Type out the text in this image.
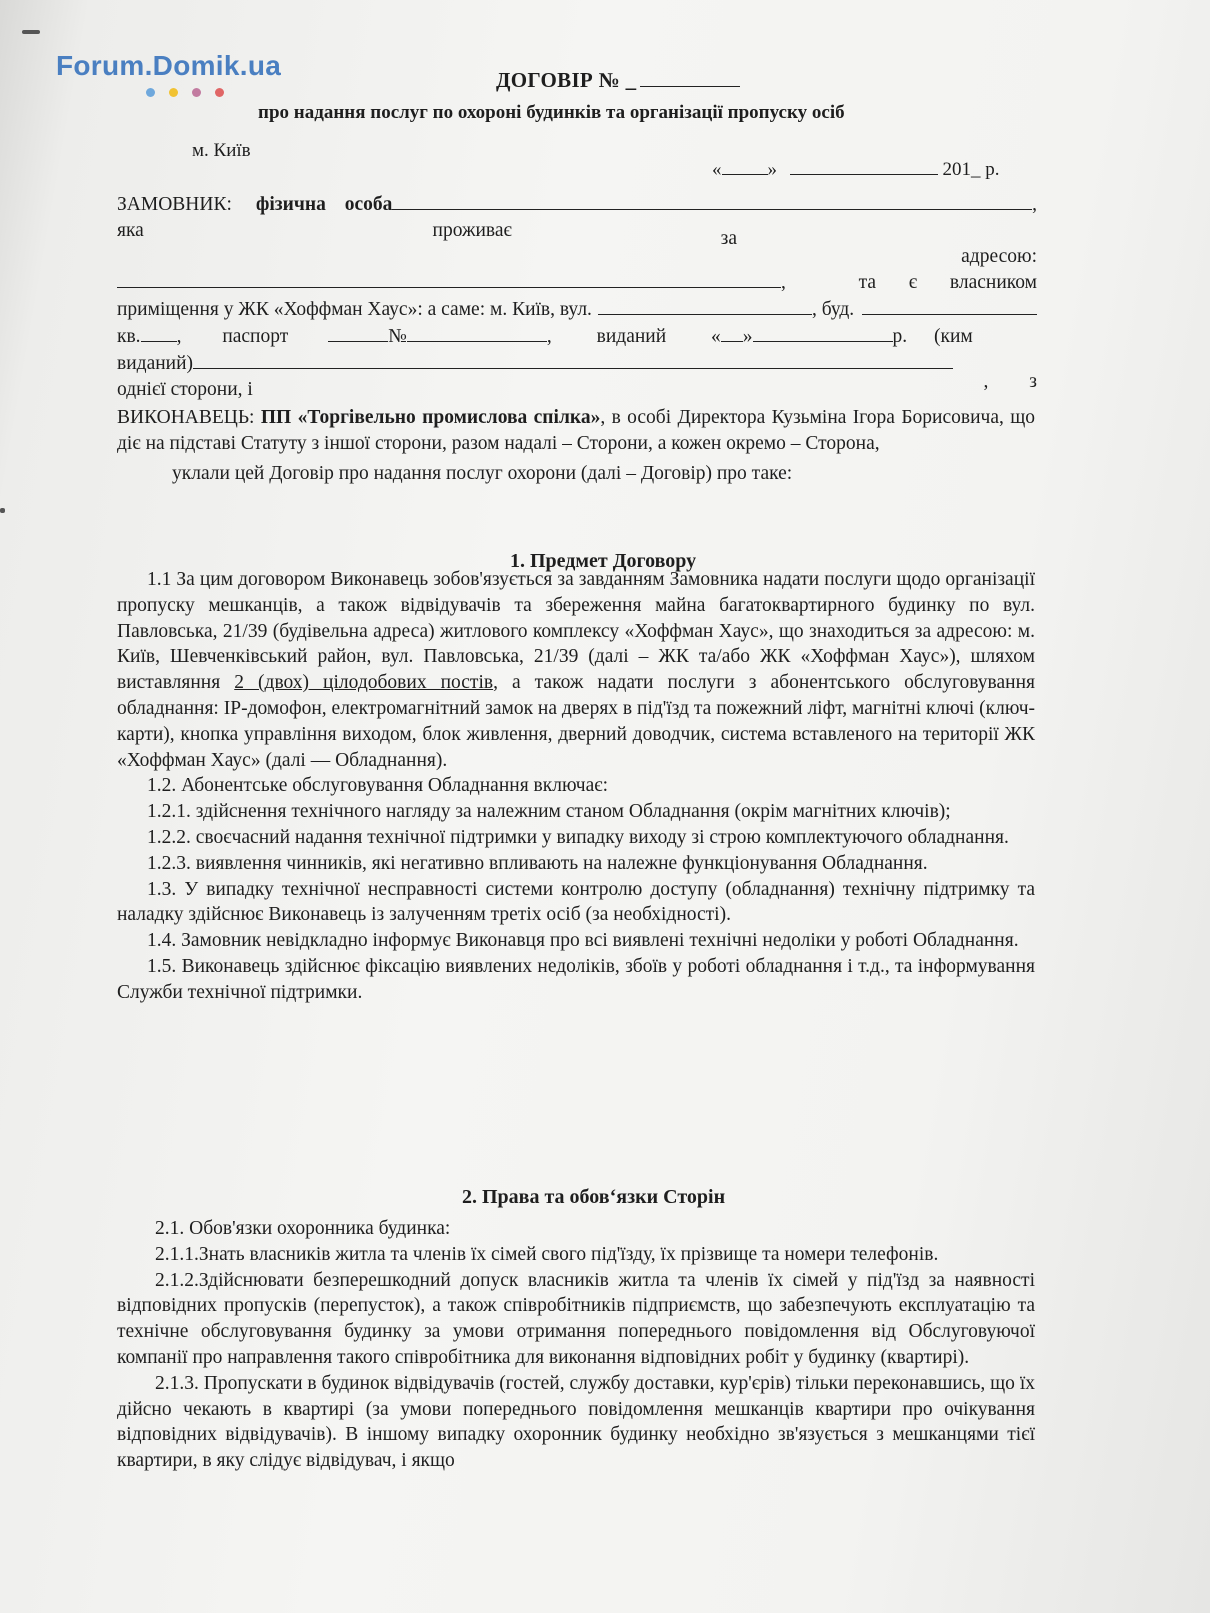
Forum.Domik.ua	ДОГОВІР № _
про надання послуг по охороні будинків та організації пропуску осіб
м. Київ
« »	201_ р.
ЗАМОВНИК: фізична особа	,
яка	проживає	за
адресою:
,	та є власником
приміщення у ЖК «Хоффман Хаус»: а саме: м. Київ, вул.	, буд.
кв. , паспорт	№	, виданий « »	р. (ким
виданий)
однієї сторони, і	, з

ВИКОНАВЕЦЬ: ПП «Торгівельно промислова спілка», в особі Директора Кузьміна Ігора Борисовича, що діє на підставі Статуту з іншої сторони, разом надалі – Сторони, а кожен окремо – Сторона,

уклали цей Договір про надання послуг охорони (далі – Договір) про таке:

1. Предмет Договору

1.1 За цим договором Виконавець зобов'язується за завданням Замовника надати послуги щодо організації пропуску мешканців, а також відвідувачів та збереження майна багатоквартирного будинку по вул. Павловська, 21/39 (будівельна адреса) житлового комплексу «Хоффман Хаус», що знаходиться за адресою: м. Київ, Шевченківський район, вул. Павловська, 21/39 (далі – ЖК та/або ЖК «Хоффман Хаус»), шляхом виставляння 2 (двох) цілодобових постів, а також надати послуги з абонентського обслуговування обладнання: IP-домофон, електромагнітний замок на дверях в під'їзд та пожежний ліфт, магнітні ключі (ключ-карти), кнопка управління виходом, блок живлення, дверний доводчик, система вставленого на території ЖК «Хоффман Хаус» (далі — Обладнання).

1.2. Абонентське обслуговування Обладнання включає:

1.2.1. здійснення технічного нагляду за належним станом Обладнання (окрім магнітних ключів);

1.2.2. своєчасний надання технічної підтримки у випадку виходу зі строю комплектуючого обладнання.

1.2.3. виявлення чинників, які негативно впливають на належне функціонування Обладнання.

1.3. У випадку технічної несправності системи контролю доступу (обладнання) технічну підтримку та наладку здійснює Виконавець із залученням третіх осіб (за необхідності).

1.4. Замовник невідкладно інформує Виконавця про всі виявлені технічні недоліки у роботі Обладнання.

1.5. Виконавець здійснює фіксацію виявлених недоліків, збоїв у роботі обладнання і т.д., та інформування Служби технічної підтримки.

2. Права та обов‘язки Сторін

2.1. Обов'язки охоронника будинка:

2.1.1.Знать власників житла та членів їх сімей свого під'їзду, їх прізвище та номери телефонів.

2.1.2.Здійснювати безперешкодний допуск власників житла та членів їх сімей у під'їзд за наявності відповідних пропусків (перепусток), а також співробітників підприємств, що забезпечують експлуатацію та технічне обслуговування будинку за умови отримання попереднього повідомлення від Обслуговуючої компанії про направлення такого співробітника для виконання відповідних робіт у будинку (квартирі).

2.1.3. Пропускати в будинок відвідувачів (гостей, службу доставки, кур'єрів) тільки переконавшись, що їх дійсно чекають в квартирі (за умови попереднього повідомлення мешканців квартири про очікування відповідних відвідувачів). В іншому випадку охоронник будинку необхідно зв'язується з мешканцями тієї квартири, в яку слідує відвідувач, і якщо
